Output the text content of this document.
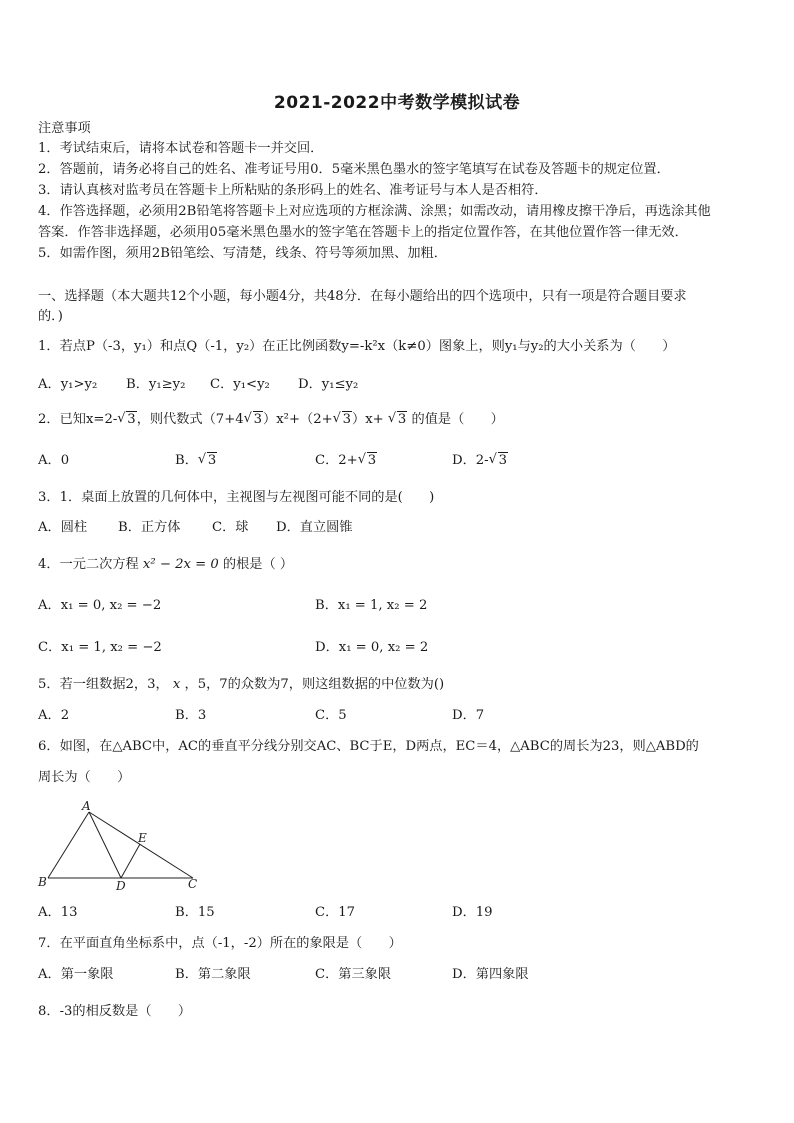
2021-2022中考数学模拟试卷
注意事项
1．考试结束后，请将本试卷和答题卡一并交回．
2．答题前，请务必将自己的姓名、准考证号用0．5毫米黑色墨水的签字笔填写在试卷及答题卡的规定位置．
3．请认真核对监考员在答题卡上所粘贴的条形码上的姓名、准考证号与本人是否相符．
4．作答选择题，必须用2B铅笔将答题卡上对应选项的方框涂满、涂黑；如需改动，请用橡皮擦干净后，再选涂其他
答案．作答非选择题，必须用05毫米黑色墨水的签字笔在答题卡上的指定位置作答，在其他位置作答一律无效．
5．如需作图，须用2B铅笔绘、写清楚，线条、符号等须加黑、加粗．
一、选择题（本大题共12个小题，每小题4分，共48分．在每小题给出的四个选项中，只有一项是符合题目要求
的．)
1．若点P（-3，y₁）和点Q（-1，y₂）在正比例函数y=-k²x（k≠0）图象上，则y₁与y₂的大小关系为（　　）
A．y₁>y₂ B．y₁≥y₂ C．y₁<y₂ D．y₁≤y₂
2．已知x=2- √ 3，则代数式（7+4 √ 3）x²+（2+ √ 3）x+ √ 3 的值是（　　）
A．0	B． √ 3	C．2+ √ 3	D．2- √ 3
3．1．桌面上放置的几何体中，主视图与左视图可能不同的是(　　)
A．圆柱 B．正方体 C．球 D．直立圆锥
4．一元二次方程 x² − 2x = 0 的根是（ ）
A．x₁ = 0, x₂ = −2	B．x₁ = 1, x₂ = 2
C．x₁ = 1, x₂ = −2	D．x₁ = 0, x₂ = 2
5．若一组数据2，3， x ，5，7的众数为7，则这组数据的中位数为()
A．2	B．3	C．5	D．7
6．如图，在△ABC中，AC的垂直平分线分别交AC、BC于E，D两点，EC＝4，△ABC的周长为23，则△ABD的
周长为（　　）
A
B	C
D
E
A．13	B．15	C．17	D．19
7．在平面直角坐标系中，点（-1，-2）所在的象限是（　　）
A．第一象限	B．第二象限	C．第三象限	D．第四象限
8．-3的相反数是（　　）
